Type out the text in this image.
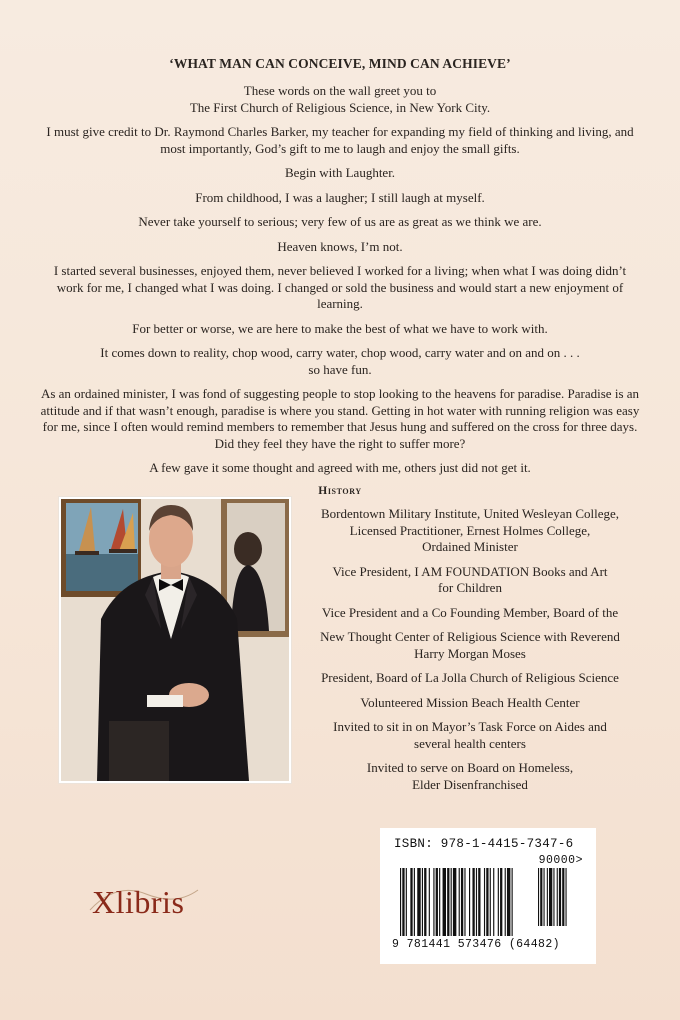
‘WHAT MAN CAN CONCEIVE, MIND CAN ACHIEVE’
These words on the wall greet you to
The First Church of Religious Science, in New York City.
I must give credit to Dr. Raymond Charles Barker, my teacher for expanding my field of thinking and living, and most importantly, God’s gift to me to laugh and enjoy the small gifts.
Begin with Laughter.
From childhood, I was a laugher; I still laugh at myself.
Never take yourself to serious; very few of us are as great as we think we are.
Heaven knows, I’m not.
I started several businesses, enjoyed them, never believed I worked for a living; when what I was doing didn’t work for me, I changed what I was doing. I changed or sold the business and would start a new enjoyment of learning.
For better or worse, we are here to make the best of what we have to work with.
It comes down to reality, chop wood, carry water, chop wood, carry water and on and on . . .
so have fun.
As an ordained minister, I was fond of suggesting people to stop looking to the heavens for paradise. Paradise is an attitude and if that wasn’t enough, paradise is where you stand. Getting in hot water with running religion was easy for me, since I often would remind members to remember that Jesus hung and suffered on the cross for three days. Did they feel they have the right to suffer more?
A few gave it some thought and agreed with me, others just did not get it.
History
Bordentown Military Institute, United Wesleyan College,
Licensed Practitioner, Ernest Holmes College,
Ordained Minister
Vice President, I AM FOUNDATION Books and Art
for Children
Vice President and a Co Founding Member, Board of the
New Thought Center of Religious Science with Reverend
Harry Morgan Moses
President, Board of La Jolla Church of Religious Science
Volunteered Mission Beach Health Center
Invited to sit in on Mayor’s Task Force on Aides and
several health centers
Invited to serve on Board on Homeless,
Elder Disenfranchised
Xlibris
ISBN: 978-1-4415-7347-6
90000>
9 781441 573476 (64482)
